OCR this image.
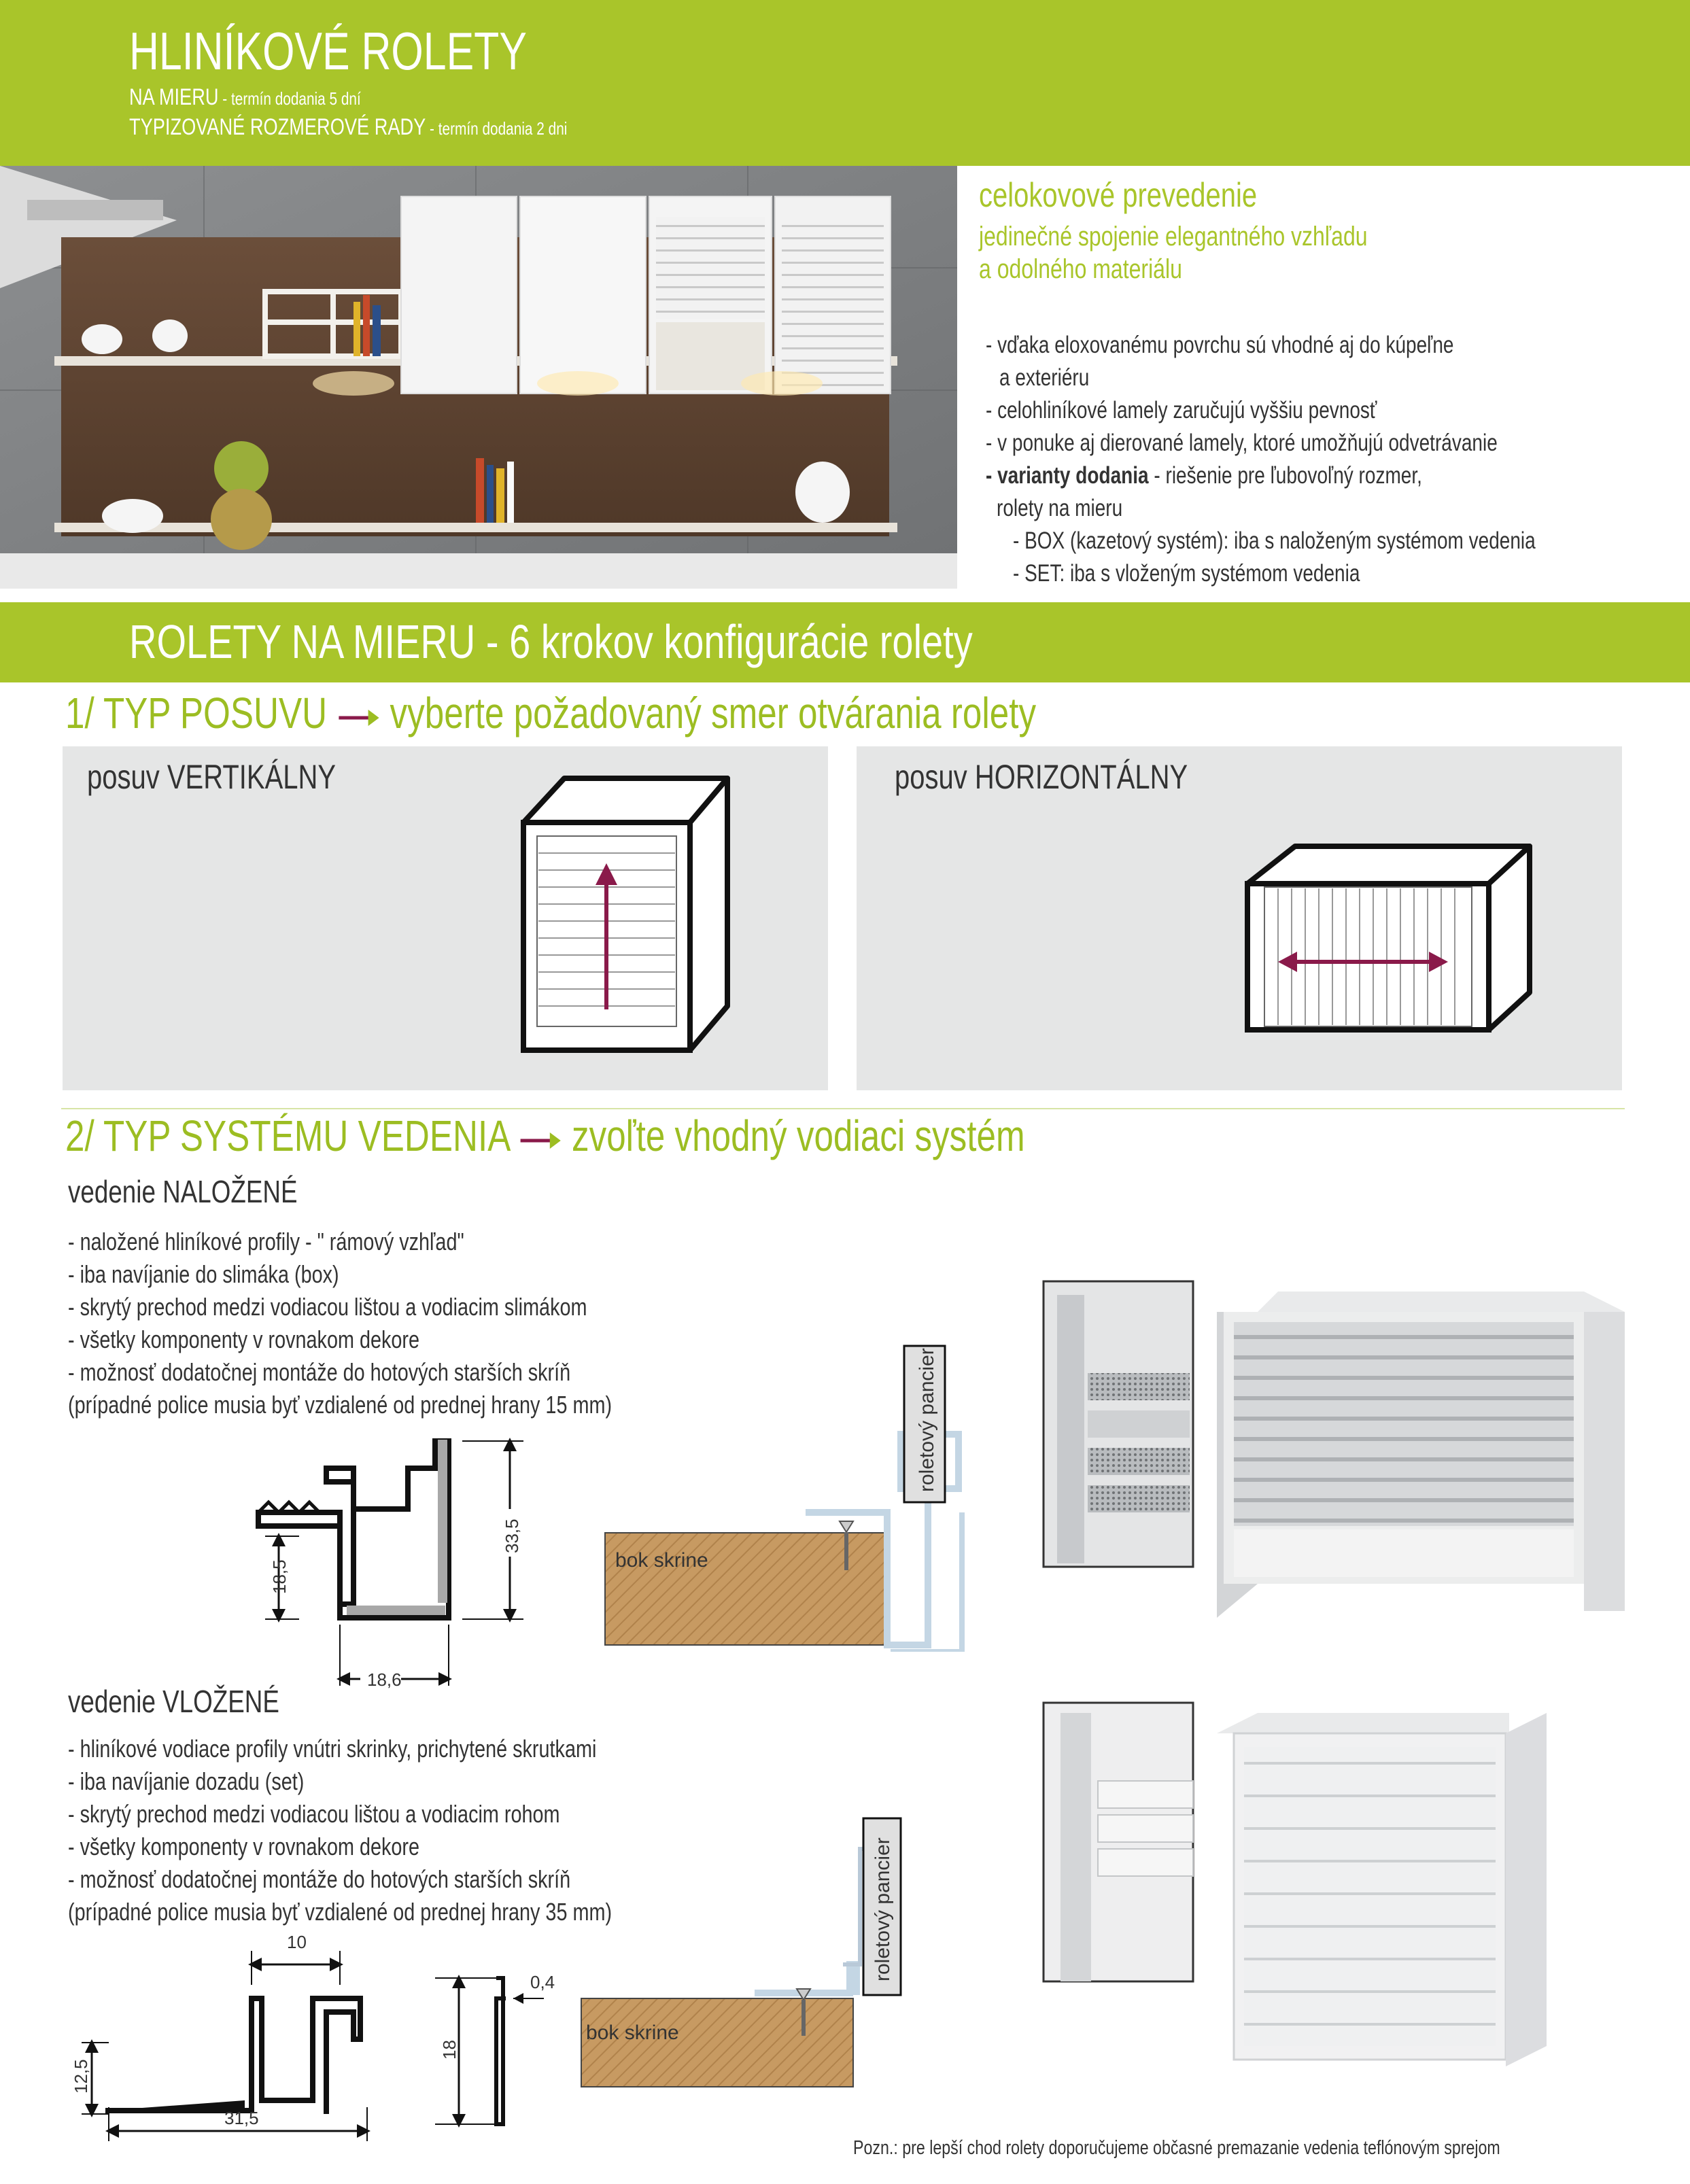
HLINÍKOVÉ ROLETY
NA MIERU - termín dodania 5 dní
TYPIZOVANÉ ROZMEROVÉ RADY - termín dodania 2 dni
celokovové prevedenie
jedinečné spojenie elegantného vzhľadu
a odolného materiálu
- vďaka eloxovanému povrchu sú vhodné aj do kúpeľne
a exteriéru
- celohliníkové lamely zaručujú vyššiu pevnosť
- v ponuke aj dierované lamely, ktoré umožňujú odvetrávanie
- varianty dodania - riešenie pre ľubovoľný rozmer,
rolety na mieru
- BOX (kazetový systém): iba s naloženým systémom vedenia
- SET: iba s vloženým systémom vedenia
ROLETY NA MIERU - 6 krokov konfigurácie rolety
1/ TYP POSUVU vyberte požadovaný smer otvárania rolety
posuv VERTIKÁLNY	posuv HORIZONTÁLNY
2/ TYP SYSTÉMU VEDENIA zvoľte vhodný vodiaci systém
vedenie NALOŽENÉ
- naložené hliníkové profily - " rámový vzhľad"
- iba navíjanie do slimáka (box)
- skrytý prechod medzi vodiacou lištou a vodiacim slimákom
- všetky komponenty v rovnakom dekore
- možnosť dodatočnej montáže do hotových starších skríň
(prípadné police musia byť vzdialené od prednej hrany 15 mm)
18,6
18,5
33,5
roletový pancier
bok skrine
vedenie VLOŽENÉ
- hliníkové vodiace profily vnútri skrinky, prichytené skrutkami
- iba navíjanie dozadu (set)
- skrytý prechod medzi vodiacou lištou a vodiacim rohom
- všetky komponenty v rovnakom dekore
- možnosť dodatočnej montáže do hotových starších skríň
(prípadné police musia byť vzdialené od prednej hrany 35 mm)
10
12,5
31,5
18
0,4
roletový pancier
bok skrine
Pozn.: pre lepší chod rolety doporučujeme občasné premazanie vedenia teflónovým sprejom
